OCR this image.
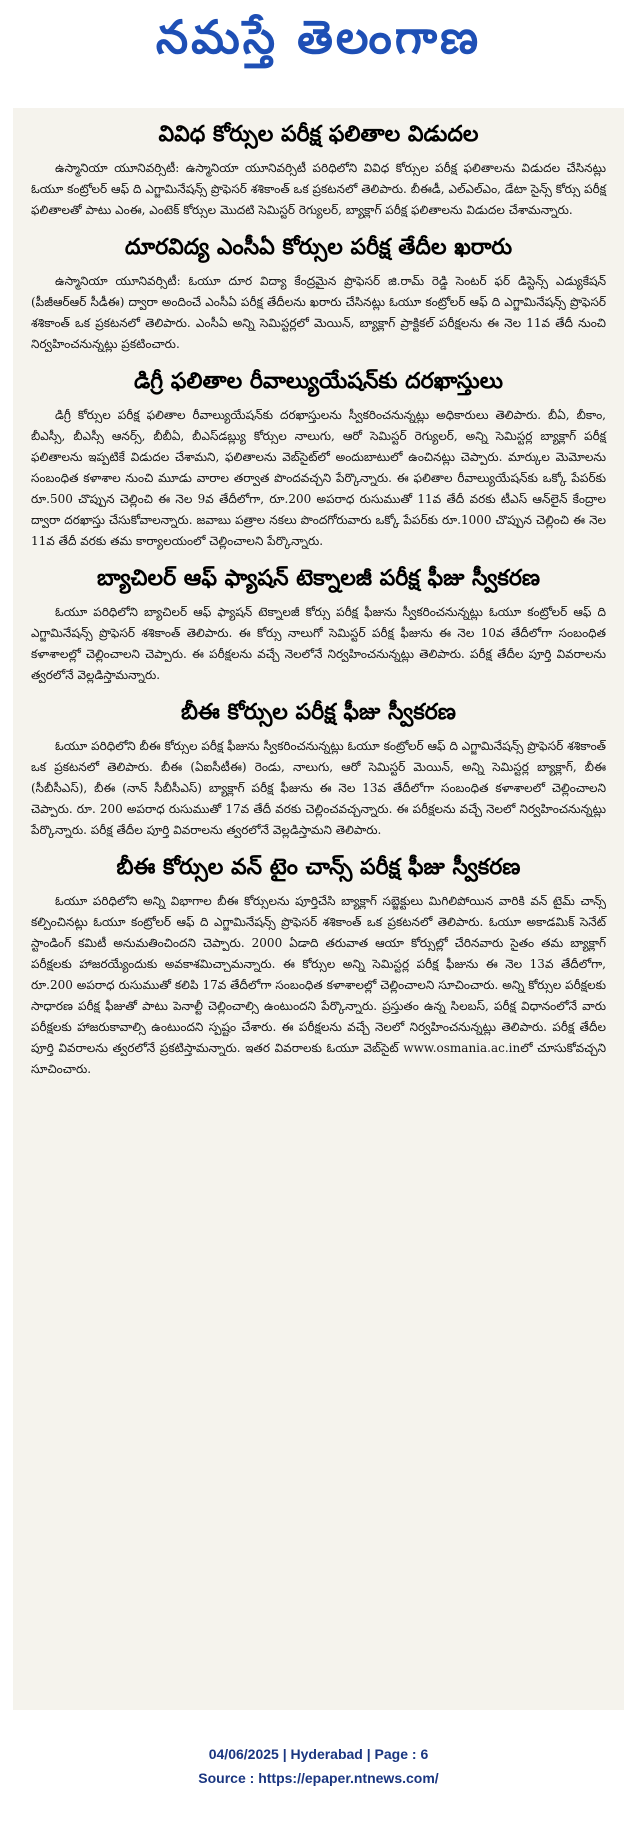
నమస్తే తెలంగాణ
వివిధ కోర్సుల పరీక్ష ఫలితాల విడుదల

ఉస్మానియా యూనివర్సిటీ: ఉస్మానియా యూనివర్సిటీ పరిధిలోని వివిధ కోర్సుల పరీక్ష ఫలితాలను విడుదల చేసినట్లు ఓయూ కంట్రోలర్ ఆఫ్ ది ఎగ్జామినేషన్స్ ప్రొఫెసర్ శశికాంత్ ఒక ప్రకటనలో తెలిపారు. బీఈడీ, ఎల్ఎల్ఎం, డేటా సైన్స్ కోర్సు పరీక్ష ఫలితాలతో పాటు ఎంఈ, ఎంటెక్ కోర్సుల మొదటి సెమిస్టర్ రెగ్యులర్, బ్యాక్లాగ్ పరీక్ష ఫలితాలను విడుదల చేశామన్నారు.

దూరవిద్య ఎంసీఏ కోర్సుల పరీక్ష తేదీల ఖరారు

ఉస్మానియా యూనివర్సిటీ: ఓయూ దూర విద్యా కేంద్రమైన ప్రొఫెసర్ జి.రామ్ రెడ్డి సెంటర్ ఫర్ డిస్టెన్స్ ఎడ్యుకేషన్ (పీజీఆర్ఆర్ సీడీఈ) ద్వారా అందించే ఎంసీఏ పరీక్ష తేదీలను ఖరారు చేసినట్లు ఓయూ కంట్రోలర్ ఆఫ్ ది ఎగ్జామినేషన్స్ ప్రొఫెసర్ శశికాంత్ ఒక ప్రకటనలో తెలిపారు. ఎంసీఏ అన్ని సెమిస్టర్లలో మెయిన్, బ్యాక్లాగ్ ప్రాక్టికల్ పరీక్షలను ఈ నెల 11వ తేదీ నుంచి నిర్వహించనున్నట్లు ప్రకటించారు.

డిగ్రీ ఫలితాల రీవాల్యుయేషన్‌కు దరఖాస్తులు

డిగ్రీ కోర్సుల పరీక్ష ఫలితాల రీవాల్యుయేషన్‌కు దరఖాస్తులను స్వీకరించనున్నట్లు అధికారులు తెలిపారు. బీఏ, బీకాం, బీఎస్సీ, బీఎస్సీ ఆనర్స్, బీబీఏ, బీఎస్‌డబ్ల్యు కోర్సుల నాలుగు, ఆరో సెమిస్టర్ రెగ్యులర్, అన్ని సెమిస్టర్ల బ్యాక్లాగ్ పరీక్ష ఫలితాలను ఇప్పటికే విడుదల చేశామని, ఫలితాలను వెబ్‌సైట్‌లో అందుబాటులో ఉంచినట్లు చెప్పారు. మార్కుల మెమోలను సంబంధిత కళాశాల నుంచి మూడు వారాల తర్వాత పొందవచ్చని పేర్కొన్నారు. ఈ ఫలితాల రీవాల్యుయేషన్‌కు ఒక్కో పేపర్‌కు రూ.500 చొప్పున చెల్లించి ఈ నెల 9వ తేదీలోగా, రూ.200 అపరాధ రుసుముతో 11వ తేదీ వరకు టీఎస్ ఆన్‌లైన్ కేంద్రాల ద్వారా దరఖాస్తు చేసుకోవాలన్నారు. జవాబు పత్రాల నకలు పొందగోరువారు ఒక్కో పేపర్‌కు రూ.1000 చొప్పున చెల్లించి ఈ నెల 11వ తేదీ వరకు తమ కార్యాలయంలో చెల్లించాలని పేర్కొన్నారు.

బ్యాచిలర్ ఆఫ్ ఫ్యాషన్ టెక్నాలజీ పరీక్ష ఫీజు స్వీకరణ

ఓయూ పరిధిలోని బ్యాచిలర్ ఆఫ్ ఫ్యాషన్ టెక్నాలజీ కోర్సు పరీక్ష ఫీజును స్వీకరించనున్నట్లు ఓయూ కంట్రోలర్ ఆఫ్ ది ఎగ్జామినేషన్స్ ప్రొఫెసర్ శశికాంత్ తెలిపారు. ఈ కోర్సు నాలుగో సెమిస్టర్ పరీక్ష ఫీజును ఈ నెల 10వ తేదీలోగా సంబంధిత కళాశాలల్లో చెల్లించాలని చెప్పారు. ఈ పరీక్షలను వచ్చే నెలలోనే నిర్వహించనున్నట్లు తెలిపారు. పరీక్ష తేదీల పూర్తి వివరాలను త్వరలోనే వెల్లడిస్తామన్నారు.

బీఈ కోర్సుల పరీక్ష ఫీజు స్వీకరణ

ఓయూ పరిధిలోని బీఈ కోర్సుల పరీక్ష ఫీజును స్వీకరించనున్నట్లు ఓయూ కంట్రోలర్ ఆఫ్ ది ఎగ్జామినేషన్స్ ప్రొఫెసర్ శశికాంత్ ఒక ప్రకటనలో తెలిపారు. బీఈ (ఏఐసీటీఈ) రెండు, నాలుగు, ఆరో సెమిస్టర్ మెయిన్, అన్ని సెమిస్టర్ల బ్యాక్లాగ్, బీఈ (సీబీసీఎస్), బీఈ (నాన్ సీబీసీఎస్) బ్యాక్లాగ్ పరీక్ష ఫీజును ఈ నెల 13వ తేదీలోగా సంబంధిత కళాశాలలో చెల్లించాలని చెప్పారు. రూ. 200 అపరాధ రుసుముతో 17వ తేదీ వరకు చెల్లించవచ్చన్నారు. ఈ పరీక్షలను వచ్చే నెలలో నిర్వహించనున్నట్లు పేర్కొన్నారు. పరీక్ష తేదీల పూర్తి వివరాలను త్వరలోనే వెల్లడిస్తామని తెలిపారు.

బీఈ కోర్సుల వన్ టైం చాన్స్ పరీక్ష ఫీజు స్వీకరణ

ఓయూ పరిధిలోని అన్ని విభాగాల బీఈ కోర్సులను పూర్తిచేసి బ్యాక్లాగ్ సబ్జెక్టులు మిగిలిపోయిన వారికి వన్ టైమ్ చాన్స్ కల్పించినట్లు ఓయూ కంట్రోలర్ ఆఫ్ ది ఎగ్జామినేషన్స్ ప్రొఫెసర్ శశికాంత్ ఒక ప్రకటనలో తెలిపారు. ఓయూ అకాడమిక్ సెనేట్ స్టాండింగ్ కమిటీ అనుమతించిందని చెప్పారు. 2000 ఏడాది తరువాత ఆయా కోర్సుల్లో చేరినవారు సైతం తమ బ్యాక్లాగ్ పరీక్షలకు హాజరయ్యేందుకు అవకాశమిచ్చామన్నారు. ఈ కోర్సుల అన్ని సెమిస్టర్ల పరీక్ష ఫీజును ఈ నెల 13వ తేదీలోగా, రూ.200 అపరాధ రుసుముతో కలిపి 17వ తేదీలోగా సంబంధిత కళాశాలల్లో చెల్లించాలని సూచించారు. అన్ని కోర్సుల పరీక్షలకు సాధారణ పరీక్ష ఫీజుతో పాటు పెనాల్టీ చెల్లించాల్సి ఉంటుందని పేర్కొన్నారు. ప్రస్తుతం ఉన్న సిలబస్, పరీక్ష విధానంలోనే వారు పరీక్షలకు హాజరుకావాల్సి ఉంటుందని స్పష్టం చేశారు. ఈ పరీక్షలను వచ్చే నెలలో నిర్వహించనున్నట్లు తెలిపారు. పరీక్ష తేదీల పూర్తి వివరాలను త్వరలోనే ప్రకటిస్తామన్నారు. ఇతర వివరాలకు ఓయూ వెబ్‌సైట్ www.osmania.ac.inలో చూసుకోవచ్చని సూచించారు.

04/06/2025 | Hyderabad | Page : 6
Source : https://epaper.ntnews.com/
